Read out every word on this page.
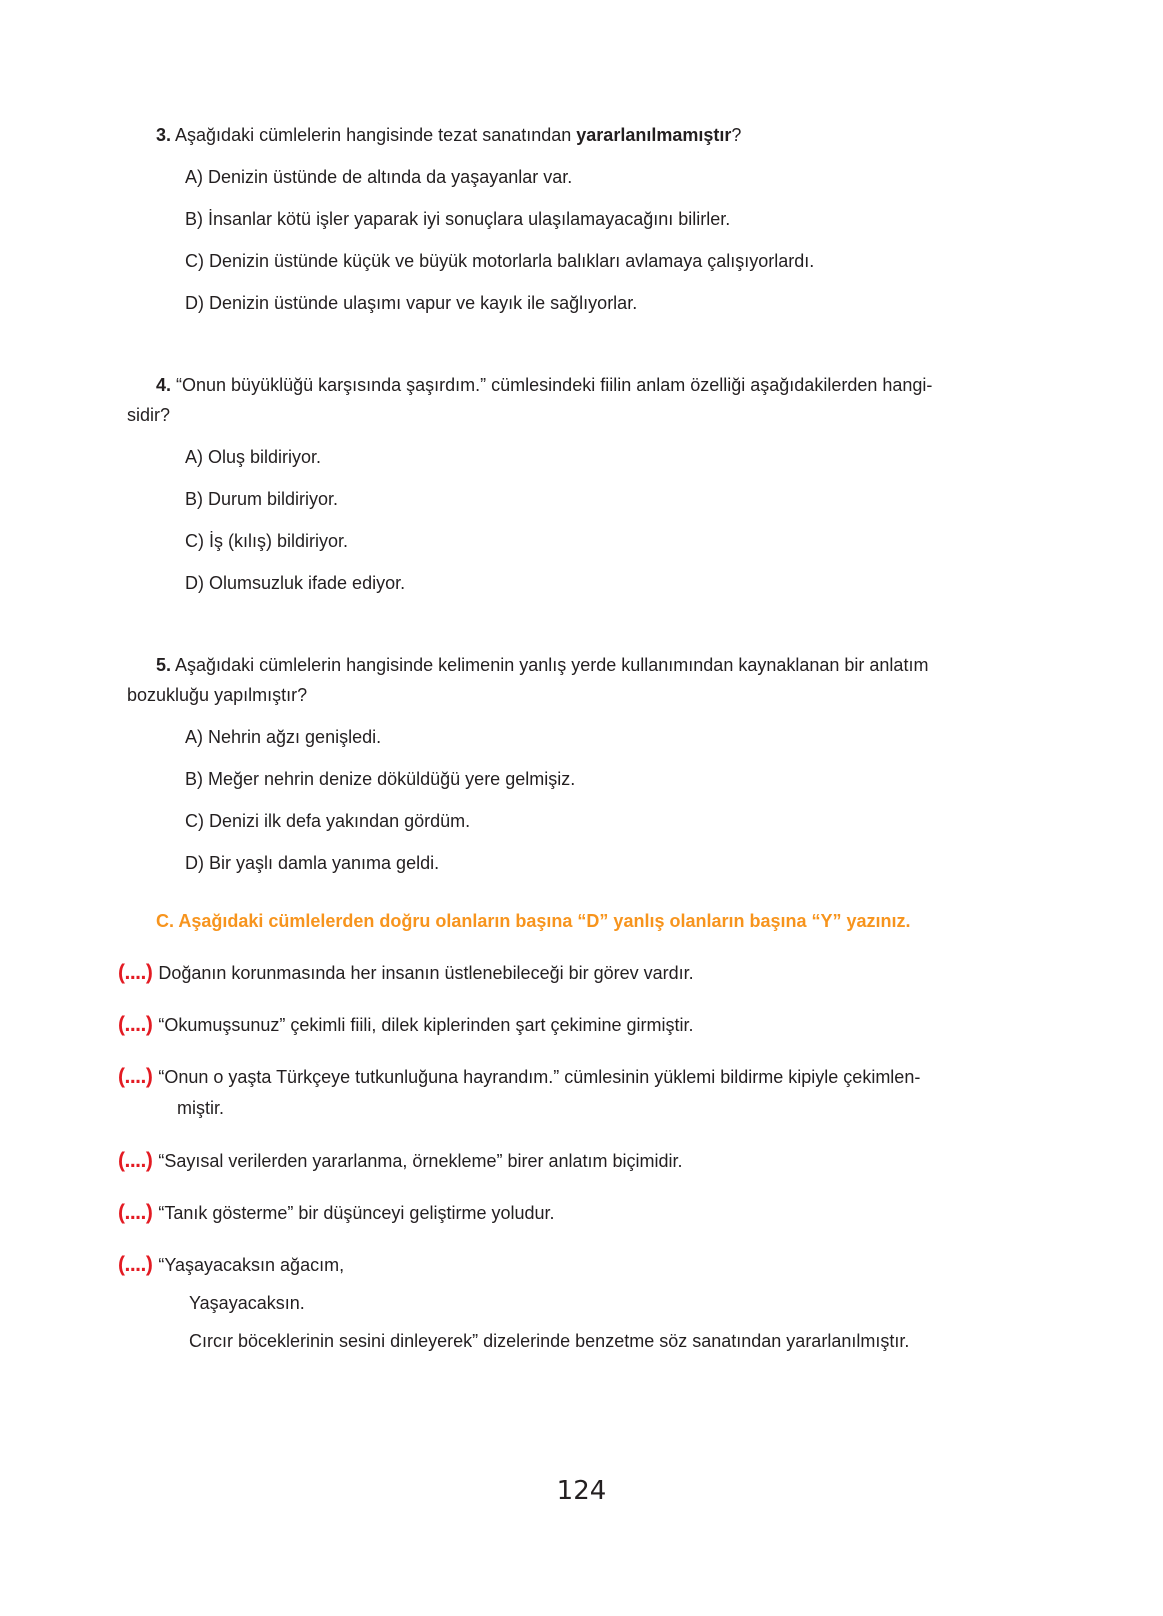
3. Aşağıdaki cümlelerin hangisinde tezat sanatından yararlanılmamıştır?
A) Denizin üstünde de altında da yaşayanlar var.
B) İnsanlar kötü işler yaparak iyi sonuçlara ulaşılamayacağını bilirler.
C) Denizin üstünde küçük ve büyük motorlarla balıkları avlamaya çalışıyorlardı.
D) Denizin üstünde ulaşımı vapur ve kayık ile sağlıyorlar.
4. “Onun büyüklüğü karşısında şaşırdım.” cümlesindeki fiilin anlam özelliği aşağıdakilerden hangi-
sidir?
A) Oluş bildiriyor.
B) Durum bildiriyor.
C) İş (kılış) bildiriyor.
D) Olumsuzluk ifade ediyor.
5. Aşağıdaki cümlelerin hangisinde kelimenin yanlış yerde kullanımından kaynaklanan bir anlatım
bozukluğu yapılmıştır?
A) Nehrin ağzı genişledi.
B) Meğer nehrin denize döküldüğü yere gelmişiz.
C) Denizi ilk defa yakından gördüm.
D) Bir yaşlı damla yanıma geldi.
C. Aşağıdaki cümlelerden doğru olanların başına “D” yanlış olanların başına “Y” yazınız.
(....) Doğanın korunmasında her insanın üstlenebileceği bir görev vardır.
(....) “Okumuşsunuz” çekimli fiili, dilek kiplerinden şart çekimine girmiştir.
(....) “Onun o yaşta Türkçeye tutkunluğuna hayrandım.” cümlesinin yüklemi bildirme kipiyle çekimlen-
miştir.
(....) “Sayısal verilerden yararlanma, örnekleme” birer anlatım biçimidir.
(....) “Tanık gösterme” bir düşünceyi geliştirme yoludur.
(....) “Yaşayacaksın ağacım,
Yaşayacaksın.
Cırcır böceklerinin sesini dinleyerek” dizelerinde benzetme söz sanatından yararlanılmıştır.
124
